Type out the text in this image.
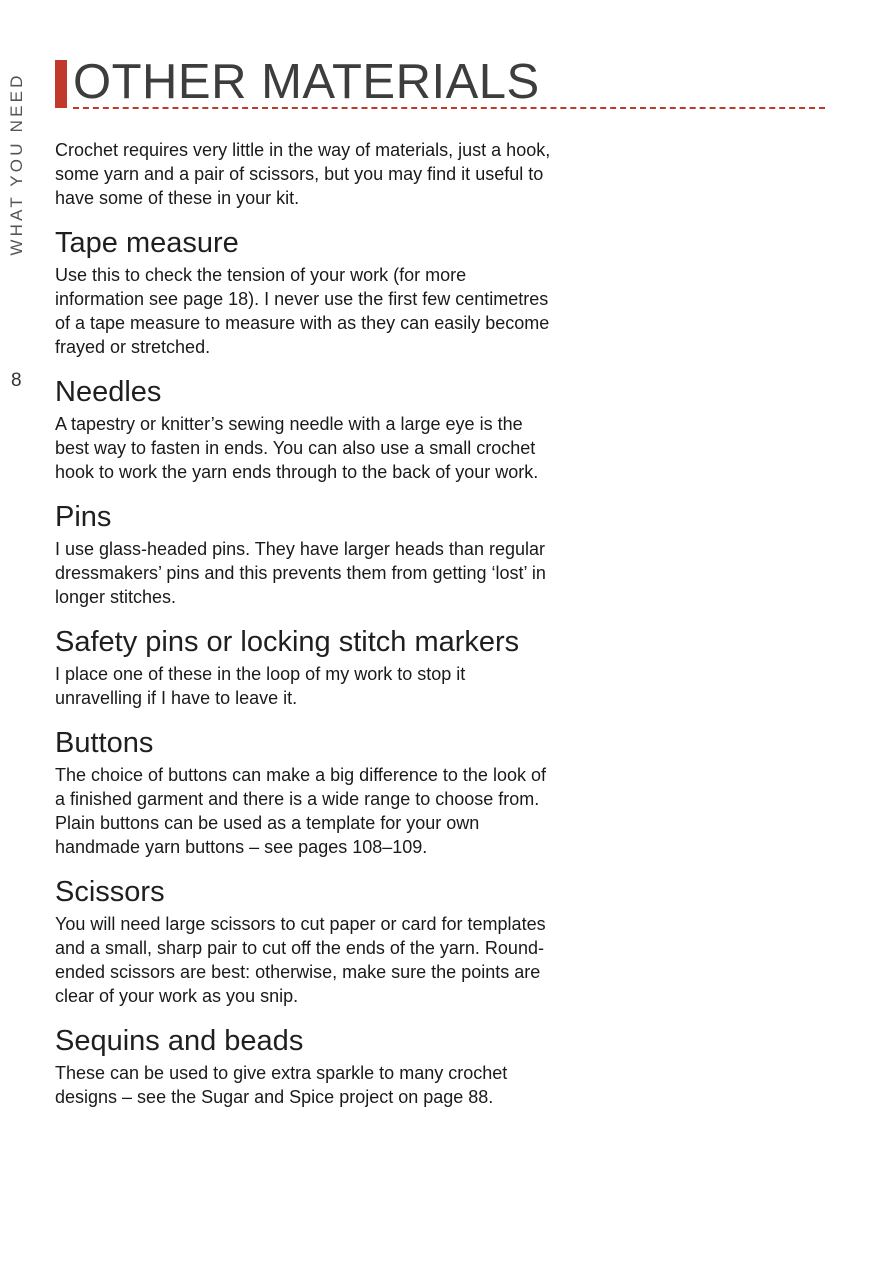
WHAT YOU NEED
8
OTHER MATERIALS

Crochet requires very little in the way of materials, just a hook, some yarn and a pair of scissors, but you may find it useful to have some of these in your kit.

Tape measure

Use this to check the tension of your work (for more information see page 18). I never use the first few centimetres of a tape measure to measure with as they can easily become frayed or stretched.

Needles

A tapestry or knitter’s sewing needle with a large eye is the best way to fasten in ends. You can also use a small crochet hook to work the yarn ends through to the back of your work.

Pins

I use glass-headed pins. They have larger heads than regular dressmakers’ pins and this prevents them from getting ‘lost’ in longer stitches.

Safety pins or locking stitch markers

I place one of these in the loop of my work to stop it unravelling if I have to leave it.

Buttons

The choice of buttons can make a big difference to the look of a finished garment and there is a wide range to choose from. Plain buttons can be used as a template for your own handmade yarn buttons – see pages 108–109.

Scissors

You will need large scissors to cut paper or card for templates and a small, sharp pair to cut off the ends of the yarn. Round-ended scissors are best: otherwise, make sure the points are clear of your work as you snip.

Sequins and beads

These can be used to give extra sparkle to many crochet designs – see the Sugar and Spice project on page 88.
